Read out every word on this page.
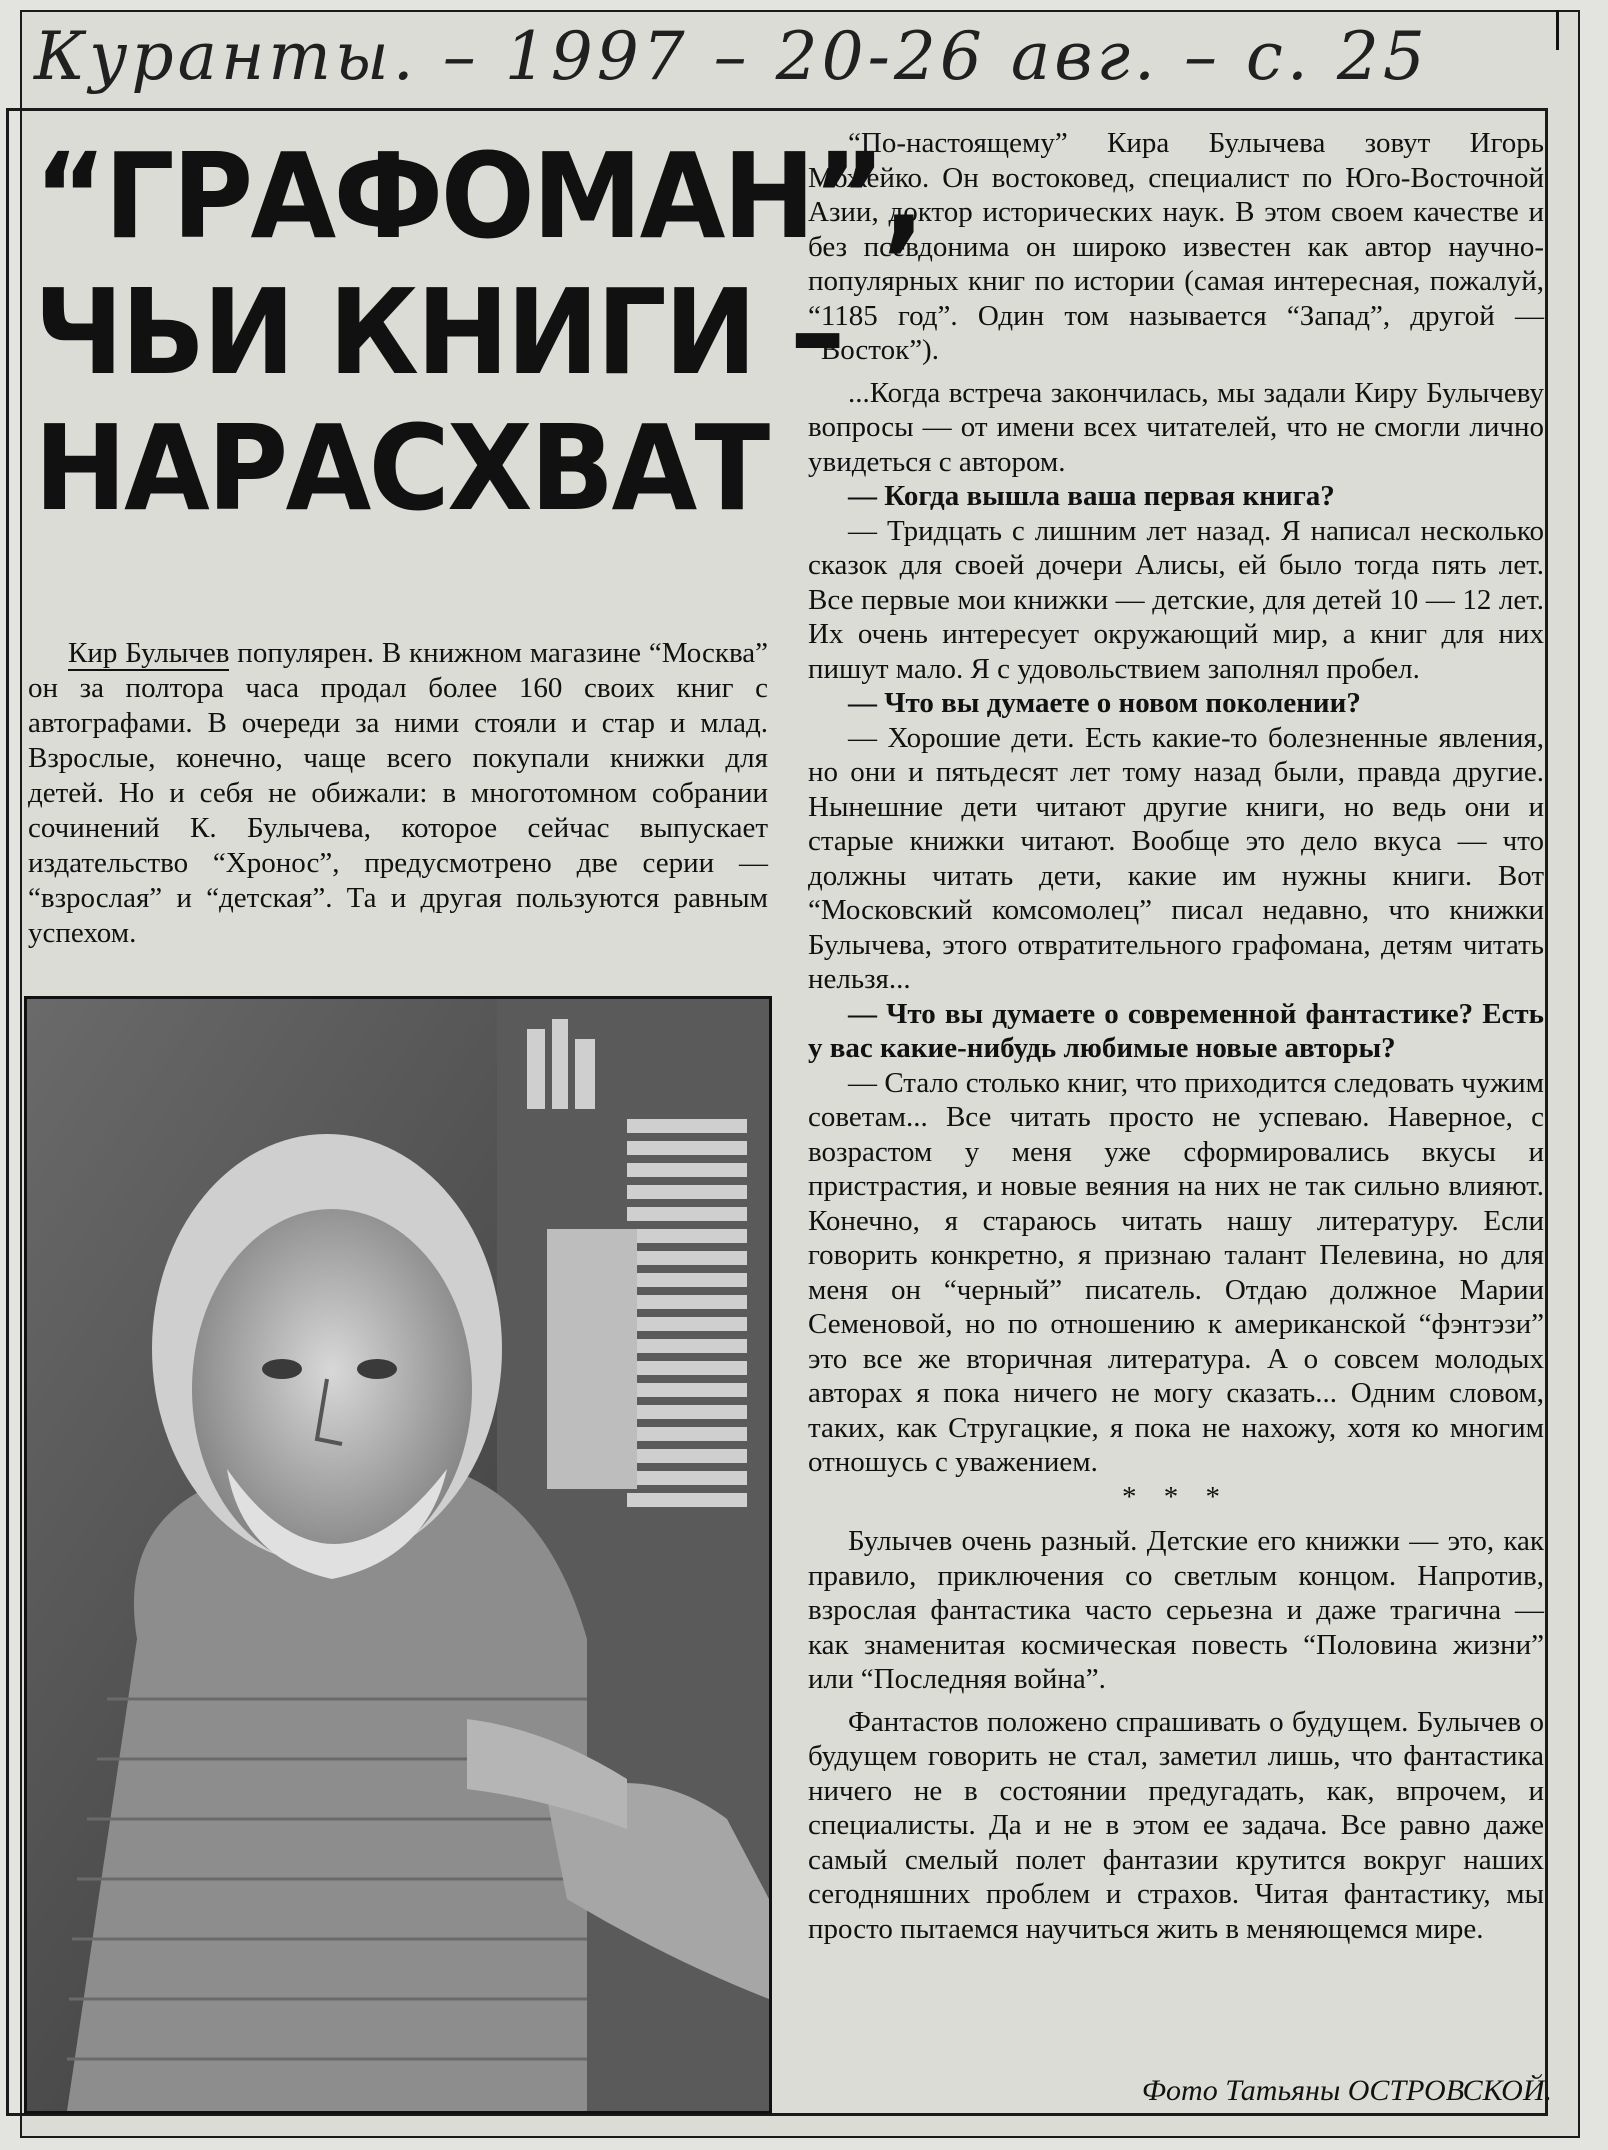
Куранты. – 1997 – 20-26 авг. – с. 25
“ГРАФОМАН”,
ЧЬИ КНИГИ –
НАРАСХВАТ

Кир Булычев популярен. В книжном магазине “Москва” он за полтора часа продал более 160 своих книг с автографами. В очереди за ними стояли и стар и млад. Взрослые, конечно, чаще всего покупали книжки для детей. Но и себя не обижали: в многотомном собрании сочинений К. Булычева, которое сейчас выпускает издательство “Хронос”, предусмотрено две серии — “взрослая” и “детская”. Та и другая пользуются равным успехом.

“По-настоящему” Кира Булычева зовут Игорь Можейко. Он востоковед, специалист по Юго-Восточной Азии, доктор исторических наук. В этом своем качестве и без псевдонима он широко известен как автор научно-популярных книг по истории (самая интересная, пожалуй, “1185 год”. Один том называется “Запад”, другой — “Восток”).

...Когда встреча закончилась, мы задали Киру Булычеву вопросы — от имени всех читателей, что не смогли лично увидеться с автором.

— Когда вышла ваша первая книга?

— Тридцать с лишним лет назад. Я написал несколько сказок для своей дочери Алисы, ей было тогда пять лет. Все первые мои книжки — детские, для детей 10 — 12 лет. Их очень интересует окружающий мир, а книг для них пишут мало. Я с удовольствием заполнял пробел.

— Что вы думаете о новом поколении?

— Хорошие дети. Есть какие-то болезненные явления, но они и пятьдесят лет тому назад были, правда другие. Нынешние дети читают другие книги, но ведь они и старые книжки читают. Вообще это дело вкуса — что должны читать дети, какие им нужны книги. Вот “Московский комсомолец” писал недавно, что книжки Булычева, этого отвратительного графомана, детям читать нельзя...

— Что вы думаете о современной фантастике? Есть у вас какие-нибудь любимые новые авторы?

— Стало столько книг, что приходится следовать чужим советам... Все читать просто не успеваю. Наверное, с возрастом у меня уже сформировались вкусы и пристрастия, и новые веяния на них не так сильно влияют. Конечно, я стараюсь читать нашу литературу. Если говорить конкретно, я признаю талант Пелевина, но для меня он “черный” писатель. Отдаю должное Марии Семеновой, но по отношению к американской “фэнтэзи” это все же вторичная литература. А о совсем молодых авторах я пока ничего не могу сказать... Одним словом, таких, как Стругацкие, я пока не нахожу, хотя ко многим отношусь с уважением.

* * *

Булычев очень разный. Детские его книжки — это, как правило, приключения со светлым концом. Напротив, взрослая фантастика часто серьезна и даже трагична — как знаменитая космическая повесть “Половина жизни” или “Последняя война”.

Фантастов положено спрашивать о будущем. Булычев о будущем говорить не стал, заметил лишь, что фантастика ничего не в состоянии предугадать, как, впрочем, и специалисты. Да и не в этом ее задача. Все равно даже самый смелый полет фантазии крутится вокруг наших сегодняшних проблем и страхов. Читая фантастику, мы просто пытаемся научиться жить в меняющемся мире.

Фото Татьяны ОСТРОВСКОЙ.
